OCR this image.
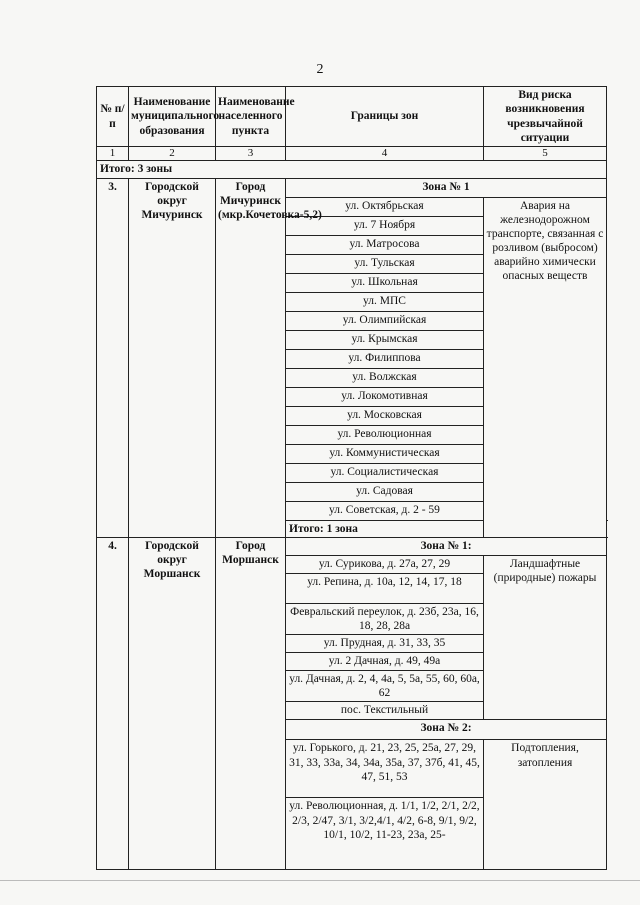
2
№ п/п	Наименование муниципального образования	Наименование населенного пункта	Границы зон	Вид риска возникновения чрезвычайной ситуации
1	2	3	4	5
Итого: 3 зоны				
3.	Городской округ Мичуринск	Город Мичуринск (мкр.Кочетовка-5,2)	Зона № 1	
			ул. Октябрьская	Авария на железнодорожном транспорте, связанная с розливом (выбросом) аварийно химически опасных веществ
			ул. 7 Ноября	
			ул. Матросова	
			ул. Тульская	
			ул. Школьная	
			ул. МПС	
			ул. Олимпийская	
			ул. Крымская	
			ул. Филиппова	
			ул. Волжская	
			ул. Локомотивная	
			ул. Московская	
			ул. Революционная	
			ул. Коммунистическая	
			ул. Социалистическая	
			ул. Садовая	
			ул. Советская, д. 2 - 59	
			Итого: 1 зона	
4.	Городской округ Моршанск	Город Моршанск	Зона № 1:	
			ул. Сурикова, д. 27а, 27, 29	Ландшафтные (природные) пожары
			ул. Репина, д. 10а, 12, 14, 17, 18	
			Февральский переулок, д. 23б, 23а, 16, 18, 28, 28а	
			ул. Прудная, д. 31, 33, 35	
			ул. 2 Дачная, д. 49, 49а	
			ул. Дачная, д. 2, 4, 4а, 5, 5а, 55, 60, 60а, 62	
			пос. Текстильный	
			Зона № 2:	
			ул. Горького, д. 21, 23, 25, 25а, 27, 29, 31, 33, 33а, 34, 34а, 35а, 37, 37б, 41, 45, 47, 51, 53	Подтопления, затопления
			ул. Революционная, д. 1/1, 1/2, 2/1, 2/2, 2/3, 2/47, 3/1, 3/2,4/1, 4/2, 6-8, 9/1, 9/2, 10/1, 10/2, 11-23, 23а, 25-	
